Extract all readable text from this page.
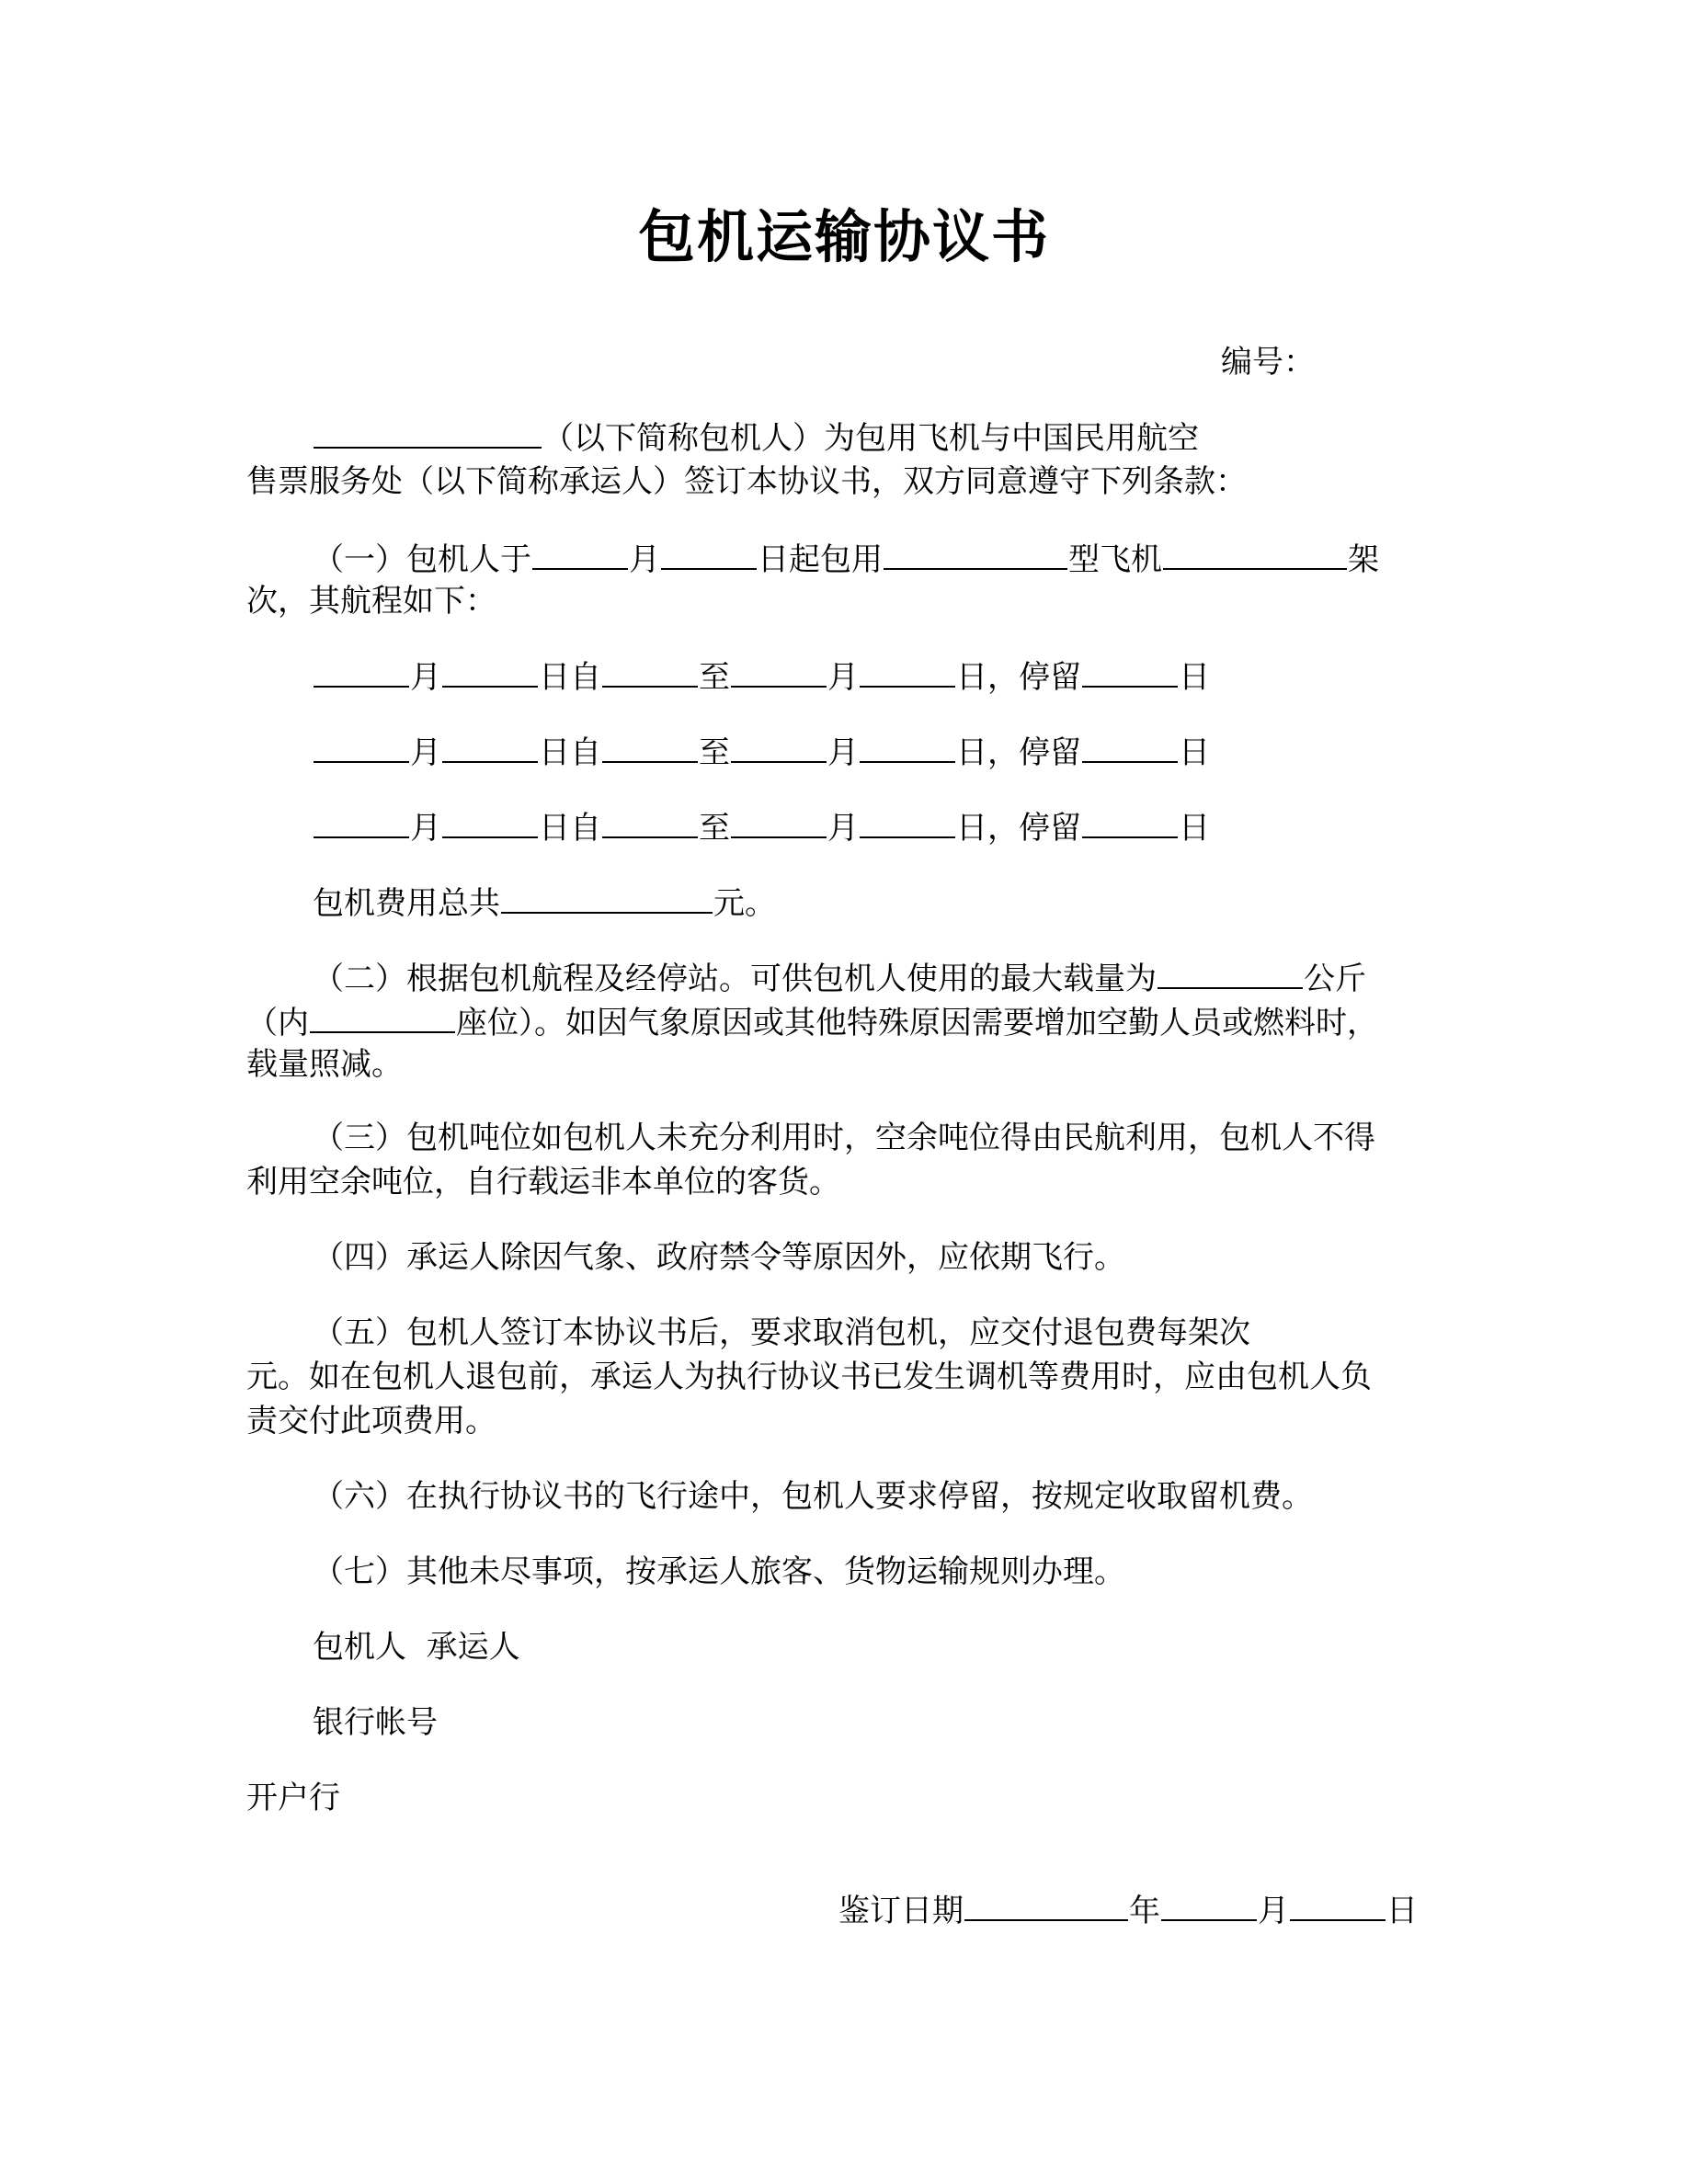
包机运输协议书
编号：
（以下简称包机人）为包用飞机与中国民用航空
售票服务处（以下简称承运人）签订本协议书，双方同意遵守下列条款：
（一）包机人于	月	日起包用	型飞机	架
次，其航程如下：
月	日自	至	月	日，停留	日
月	日自	至	月	日，停留	日
月	日自	至	月	日，停留	日
包机费用总共	元。
（二）根据包机航程及经停站。可供包机人使用的最大载量为	公斤
（内	座位）。如因气象原因或其他特殊原因需要增加空勤人员或燃料时，
载量照减。
（三）包机吨位如包机人未充分利用时，空余吨位得由民航利用，包机人不得
利用空余吨位，自行载运非本单位的客货。
（四）承运人除因气象、政府禁令等原因外，应依期飞行。
（五）包机人签订本协议书后，要求取消包机，应交付退包费每架次
元。如在包机人退包前，承运人为执行协议书已发生调机等费用时，应由包机人负
责交付此项费用。
（六）在执行协议书的飞行途中，包机人要求停留，按规定收取留机费。
（七）其他未尽事项，按承运人旅客、货物运输规则办理。
包机人  承运人
银行帐号
开户行
鉴订日期	年	月	日
